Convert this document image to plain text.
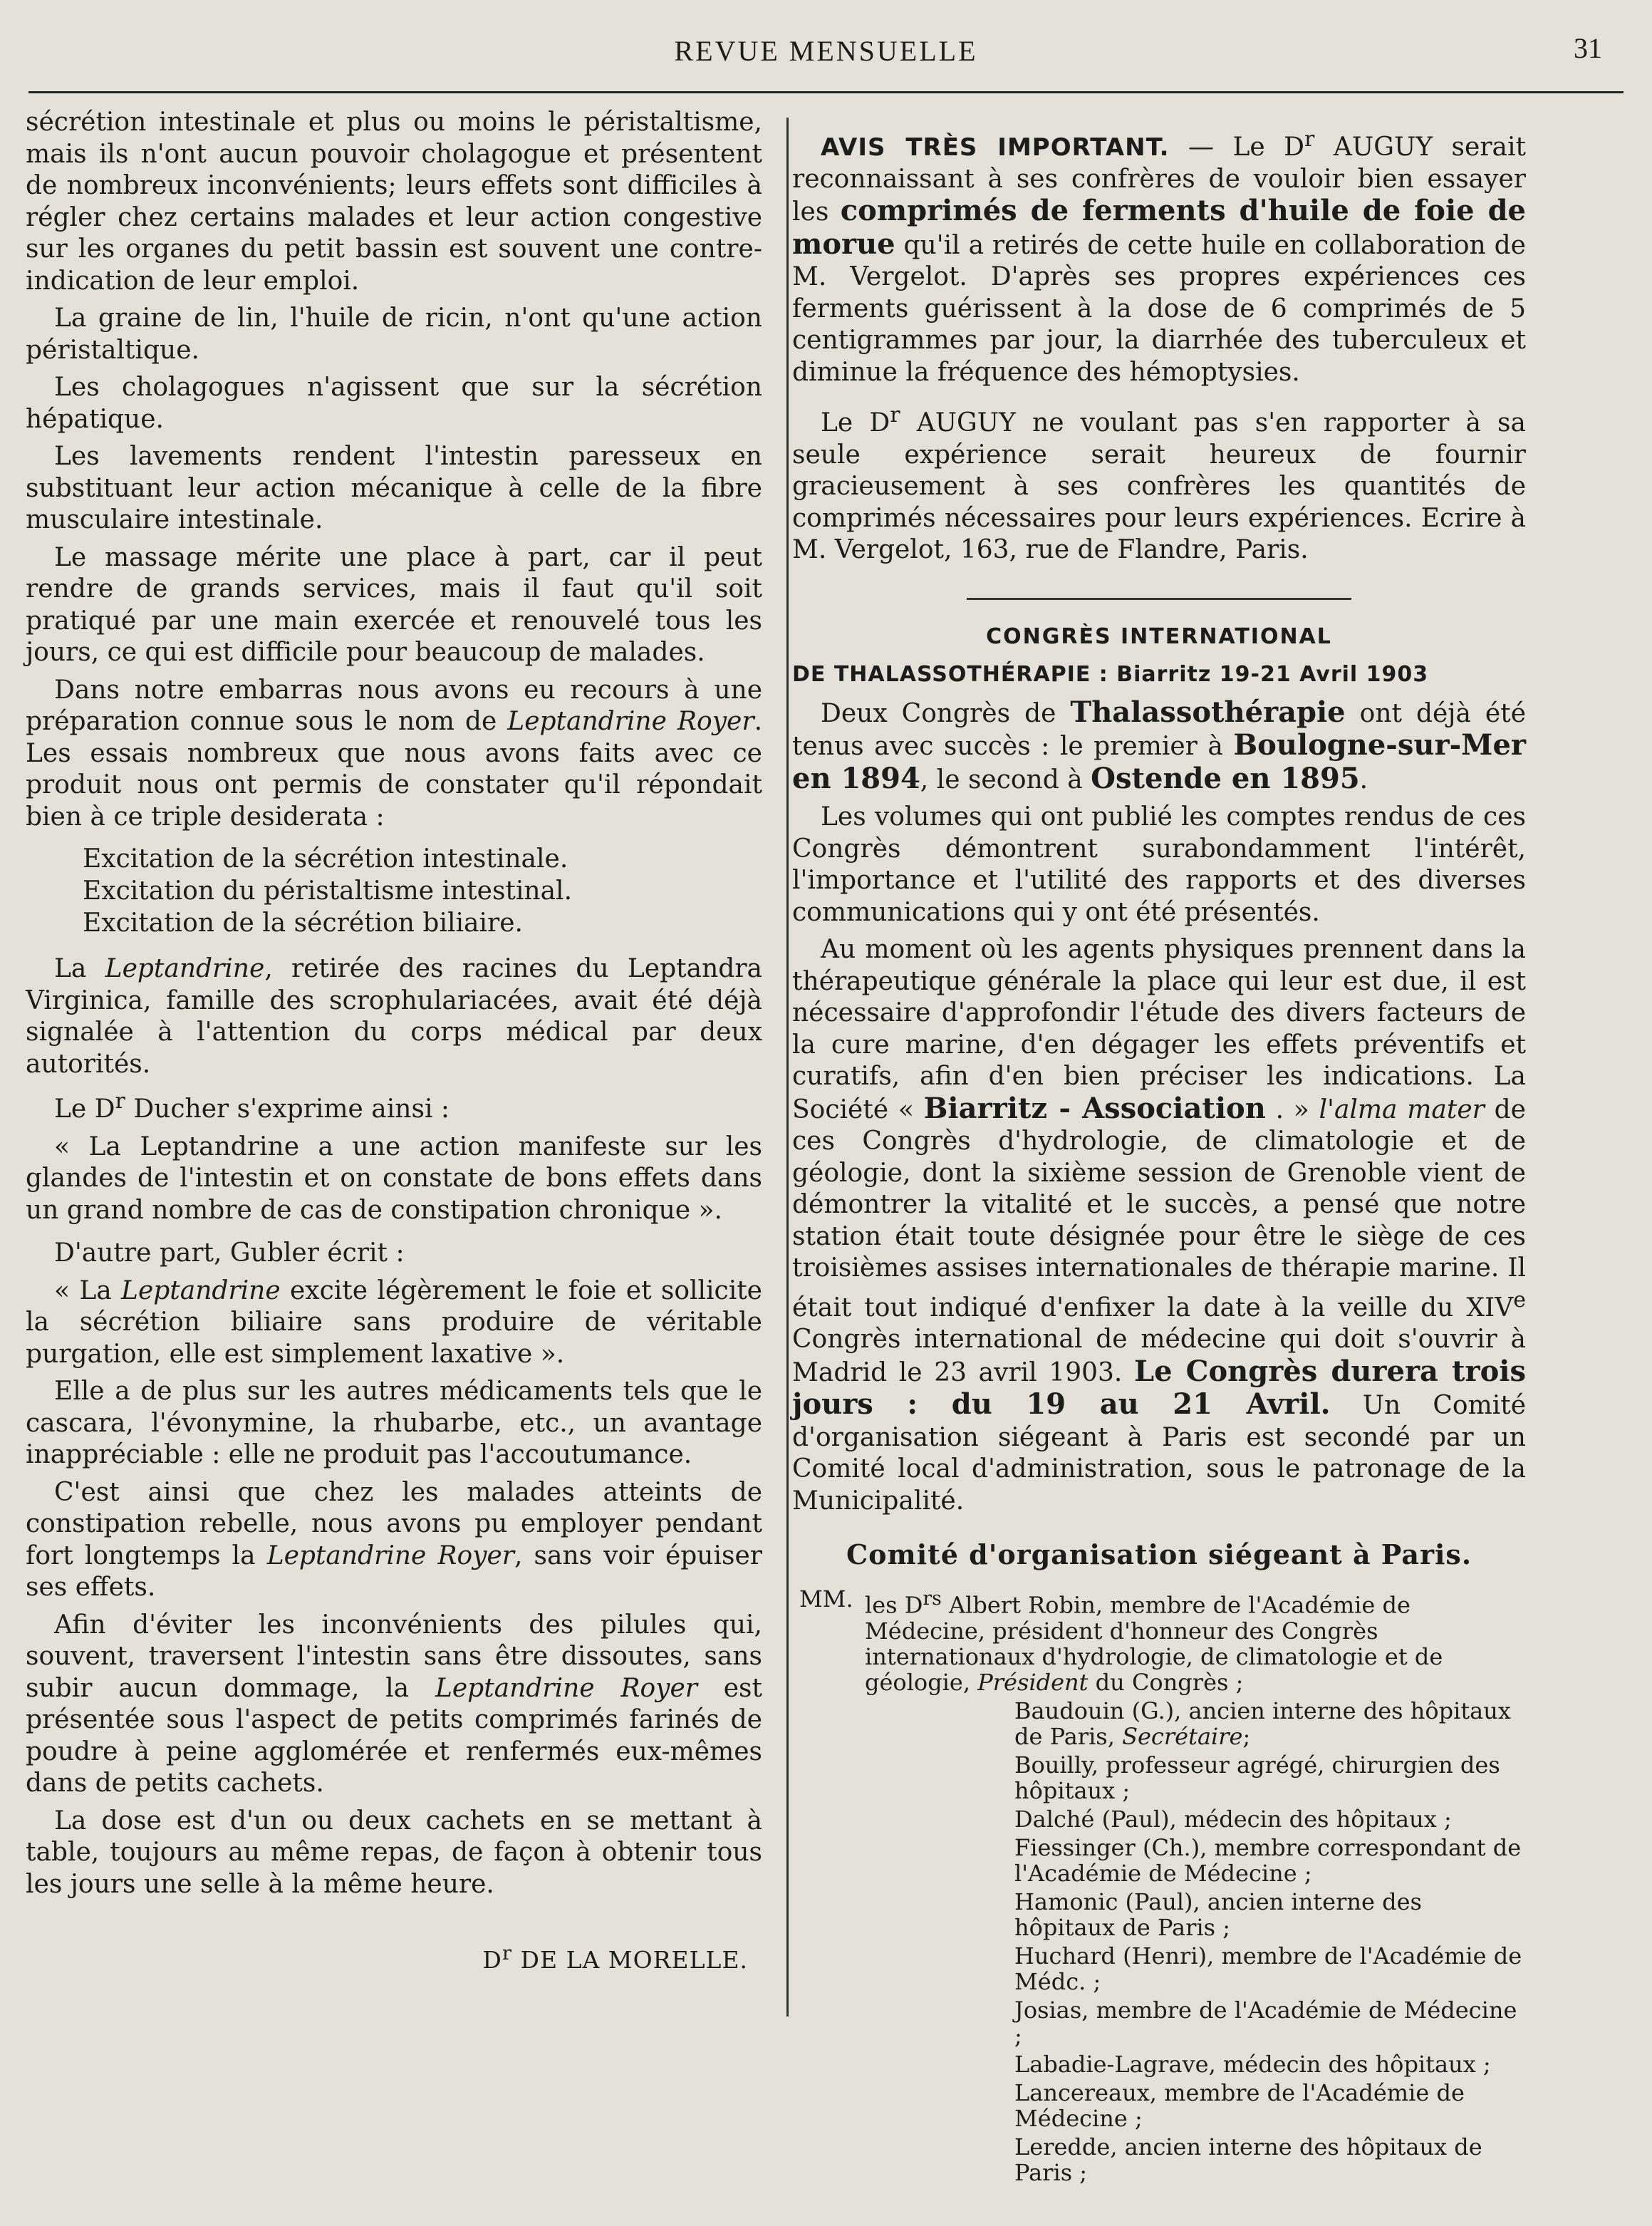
REVUE MENSUELLE	31

sécrétion intestinale et plus ou moins le péristaltisme, mais ils n'ont aucun pouvoir cholagogue et présentent de nombreux inconvénients; leurs effets sont difficiles à régler chez certains malades et leur action congestive sur les organes du petit bassin est souvent une contre-indication de leur emploi.

La graine de lin, l'huile de ricin, n'ont qu'une action péristaltique.

Les cholagogues n'agissent que sur la sécrétion hépatique.

Les lavements rendent l'intestin paresseux en substituant leur action mécanique à celle de la fibre musculaire intestinale.

Le massage mérite une place à part, car il peut rendre de grands services, mais il faut qu'il soit pratiqué par une main exercée et renouvelé tous les jours, ce qui est difficile pour beaucoup de malades.

Dans notre embarras nous avons eu recours à une préparation connue sous le nom de Leptandrine Royer. Les essais nombreux que nous avons faits avec ce produit nous ont permis de constater qu'il répondait bien à ce triple desiderata :

Excitation de la sécrétion intestinale.
Excitation du péristaltisme intestinal.
Excitation de la sécrétion biliaire.

La Leptandrine, retirée des racines du Leptandra Virginica, famille des scrophulariacées, avait été déjà signalée à l'attention du corps médical par deux autorités.

Le $D^r$ Ducher s'exprime ainsi :

« La Leptandrine a une action manifeste sur les glandes de l'intestin et on constate de bons effets dans un grand nombre de cas de constipation chronique ».

D'autre part, Gubler écrit :

« La Leptandrine excite légèrement le foie et sollicite la sécrétion biliaire sans produire de véritable purgation, elle est simplement laxative ».

Elle a de plus sur les autres médicaments tels que le cascara, l'évonymine, la rhubarbe, etc., un avantage inappréciable : elle ne produit pas l'accoutumance.

C'est ainsi que chez les malades atteints de constipation rebelle, nous avons pu employer pendant fort longtemps la Leptandrine Royer, sans voir épuiser ses effets.

Afin d'éviter les inconvénients des pilules qui, souvent, traversent l'intestin sans être dissoutes, sans subir aucun dommage, la Leptandrine Royer est présentée sous l'aspect de petits comprimés farinés de poudre à peine agglomérée et renfermés eux-mêmes dans de petits cachets.

La dose est d'un ou deux cachets en se mettant à table, toujours au même repas, de façon à obtenir tous les jours une selle à la même heure.

$D^r$ DE LA MORELLE.

AVIS TRÈS IMPORTANT. — Le $D^r$ AUGUY serait reconnaissant à ses confrères de vouloir bien essayer les comprimés de ferments d'huile de foie de morue qu'il a retirés de cette huile en collaboration de M. Vergelot. D'après ses propres expériences ces ferments guérissent à la dose de 6 comprimés de 5 centigrammes par jour, la diarrhée des tuberculeux et diminue la fréquence des hémoptysies.

Le $D^r$ AUGUY ne voulant pas s'en rapporter à sa seule expérience serait heureux de fournir gracieusement à ses confrères les quantités de comprimés nécessaires pour leurs expériences. Ecrire à M. Vergelot, 163, rue de Flandre, Paris.

CONGRÈS INTERNATIONAL
DE THALASSOTHÉRAPIE : Biarritz 19-21 Avril 1903

Deux Congrès de Thalassothérapie ont déjà été tenus avec succès : le premier à Boulogne-sur-Mer en 1894, le second à Ostende en 1895.

Les volumes qui ont publié les comptes rendus de ces Congrès démontrent surabondamment l'intérêt, l'importance et l'utilité des rapports et des diverses communications qui y ont été présentés.

Au moment où les agents physiques prennent dans la thérapeutique générale la place qui leur est due, il est nécessaire d'approfondir l'étude des divers facteurs de la cure marine, d'en dégager les effets préventifs et curatifs, afin d'en bien préciser les indications. La Société « Biarritz - Association . » l'alma mater de ces Congrès d'hydrologie, de climatologie et de géologie, dont la sixième session de Grenoble vient de démontrer la vitalité et le succès, a pensé que notre station était toute désignée pour être le siège de ces troisièmes assises internationales de thérapie marine. Il était tout indiqué d'enfixer la date à la veille du XIVe Congrès international de médecine qui doit s'ouvrir à Madrid le 23 avril 1903. Le Congrès durera trois jours : du 19 au 21 Avril. Un Comité d'organisation siégeant à Paris est secondé par un Comité local d'administration, sous le patronage de la Municipalité.

Comité d'organisation siégeant à Paris.
MM. les $D^{rs}$ Albert Robin, membre de l'Académie de Médecine, président d'honneur des Congrès internationaux d'hydrologie, de climatologie et de géologie, Président du Congrès ;
Baudouin (G.), ancien interne des hôpitaux de Paris, Secrétaire;
Bouilly, professeur agrégé, chirurgien des hôpitaux ;
Dalché (Paul), médecin des hôpitaux ;
Fiessinger (Ch.), membre correspondant de l'Académie de Médecine ;
Hamonic (Paul), ancien interne des hôpitaux de Paris ;
Huchard (Henri), membre de l'Académie de Médc. ;
Josias, membre de l'Académie de Médecine ;
Labadie-Lagrave, médecin des hôpitaux ;
Lancereaux, membre de l'Académie de Médecine ;
Leredde, ancien interne des hôpitaux de Paris ;
